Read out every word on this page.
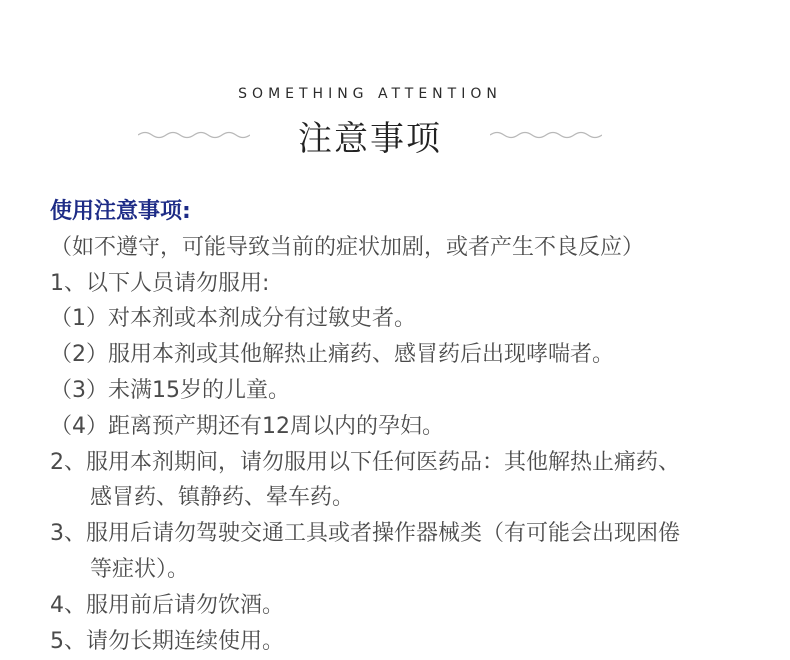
SOMETHING ATTENTION
注意事项
使用注意事项:
（如不遵守，可能导致当前的症状加剧，或者产生不良反应）
1、以下人员请勿服用:
（1）对本剂或本剂成分有过敏史者。
（2）服用本剂或其他解热止痛药、感冒药后出现哮喘者。
（3）未满15岁的儿童。
（4）距离预产期还有12周以内的孕妇。
2、服用本剂期间，请勿服用以下任何医药品：其他解热止痛药、
感冒药、镇静药、晕车药。
3、服用后请勿驾驶交通工具或者操作器械类（有可能会出现困倦
等症状）。
4、服用前后请勿饮酒。
5、请勿长期连续使用。
